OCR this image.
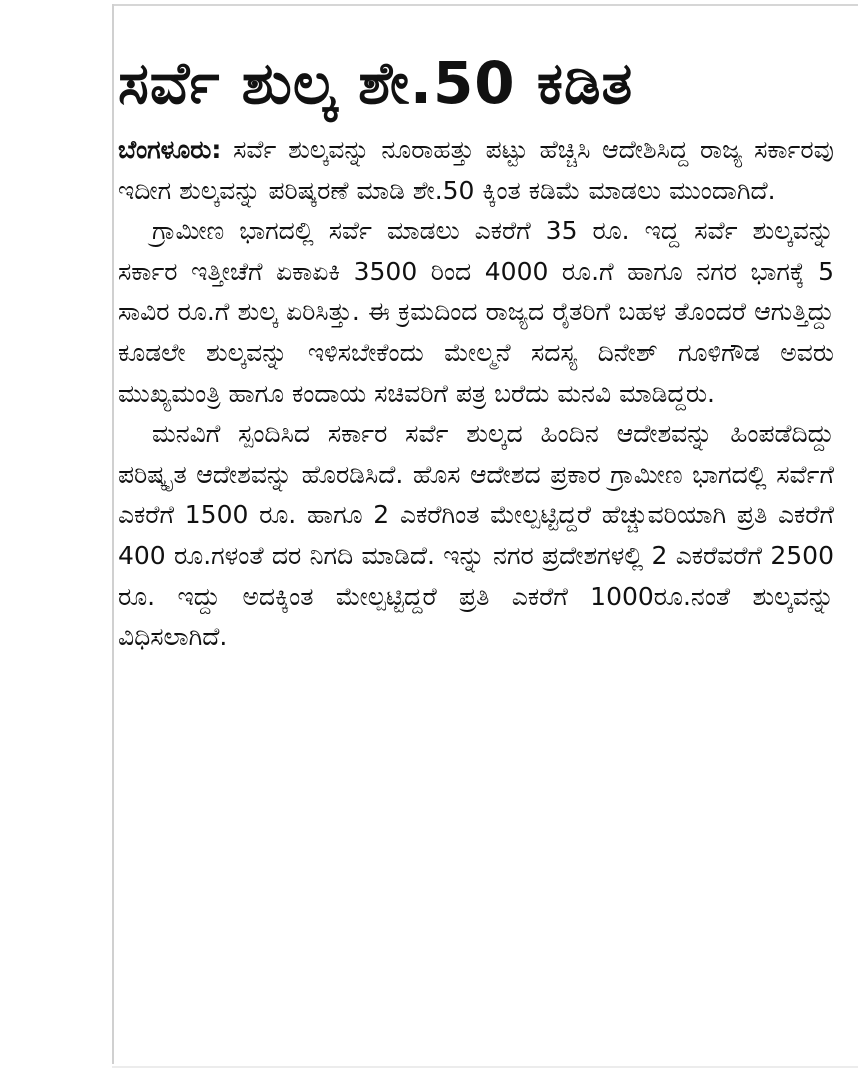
ಸರ್ವೆ ಶುಲ್ಕ ಶೇ.50 ಕಡಿತ

ಬೆಂಗಳೂರು: ಸರ್ವೆ ಶುಲ್ಕವನ್ನು ನೂರಾಹತ್ತು ಪಟ್ಟು ಹೆಚ್ಚಿಸಿ ಆದೇಶಿಸಿದ್ದ ರಾಜ್ಯ ಸರ್ಕಾರವು ಇದೀಗ ಶುಲ್ಕವನ್ನು ಪರಿಷ್ಕರಣೆ ಮಾಡಿ ಶೇ.50 ಕ್ಕಿಂತ ಕಡಿಮೆ ಮಾಡಲು ಮುಂದಾಗಿದೆ.

ಗ್ರಾಮೀಣ ಭಾಗದಲ್ಲಿ ಸರ್ವೆ ಮಾಡಲು ಎಕರೆಗೆ 35 ರೂ. ಇದ್ದ ಸರ್ವೆ ಶುಲ್ಕವನ್ನು ಸರ್ಕಾರ ಇತ್ತೀಚೆಗೆ ಏಕಾಏಕಿ 3500 ರಿಂದ 4000 ರೂ.ಗೆ ಹಾಗೂ ನಗರ ಭಾಗಕ್ಕೆ 5 ಸಾವಿರ ರೂ.ಗೆ ಶುಲ್ಕ ಏರಿಸಿತ್ತು. ಈ ಕ್ರಮದಿಂದ ರಾಜ್ಯದ ರೈತರಿಗೆ ಬಹಳ ತೊಂದರೆ ಆಗುತ್ತಿದ್ದು ಕೂಡಲೇ ಶುಲ್ಕವನ್ನು ಇಳಿಸಬೇಕೆಂದು ಮೇಲ್ಮನೆ ಸದಸ್ಯ ದಿನೇಶ್ ಗೂಳಿಗೌಡ ಅವರು ಮುಖ್ಯಮಂತ್ರಿ ಹಾಗೂ ಕಂದಾಯ ಸಚಿವರಿಗೆ ಪತ್ರ ಬರೆದು ಮನವಿ ಮಾಡಿದ್ದರು.

ಮನವಿಗೆ ಸ್ಪಂದಿಸಿದ ಸರ್ಕಾರ ಸರ್ವೆ ಶುಲ್ಕದ ಹಿಂದಿನ ಆದೇಶವನ್ನು ಹಿಂಪಡೆದಿದ್ದು ಪರಿಷ್ಕೃತ ಆದೇಶವನ್ನು ಹೊರಡಿಸಿದೆ. ಹೊಸ ಆದೇಶದ ಪ್ರಕಾರ ಗ್ರಾಮೀಣ ಭಾಗದಲ್ಲಿ ಸರ್ವೆಗೆ ಎಕರೆಗೆ 1500 ರೂ. ಹಾಗೂ 2 ಎಕರೆಗಿಂತ ಮೇಲ್ಪಟ್ಟಿದ್ದರೆ ಹೆಚ್ಚುವರಿಯಾಗಿ ಪ್ರತಿ ಎಕರೆಗೆ 400 ರೂ.ಗಳಂತೆ ದರ ನಿಗದಿ ಮಾಡಿದೆ. ಇನ್ನು ನಗರ ಪ್ರದೇಶಗಳಲ್ಲಿ 2 ಎಕರೆವರೆಗೆ 2500 ರೂ. ಇದ್ದು ಅದಕ್ಕಿಂತ ಮೇಲ್ಪಟ್ಟಿದ್ದರೆ ಪ್ರತಿ ಎಕರೆಗೆ 1000ರೂ.ನಂತೆ ಶುಲ್ಕವನ್ನು ವಿಧಿಸಲಾಗಿದೆ.
